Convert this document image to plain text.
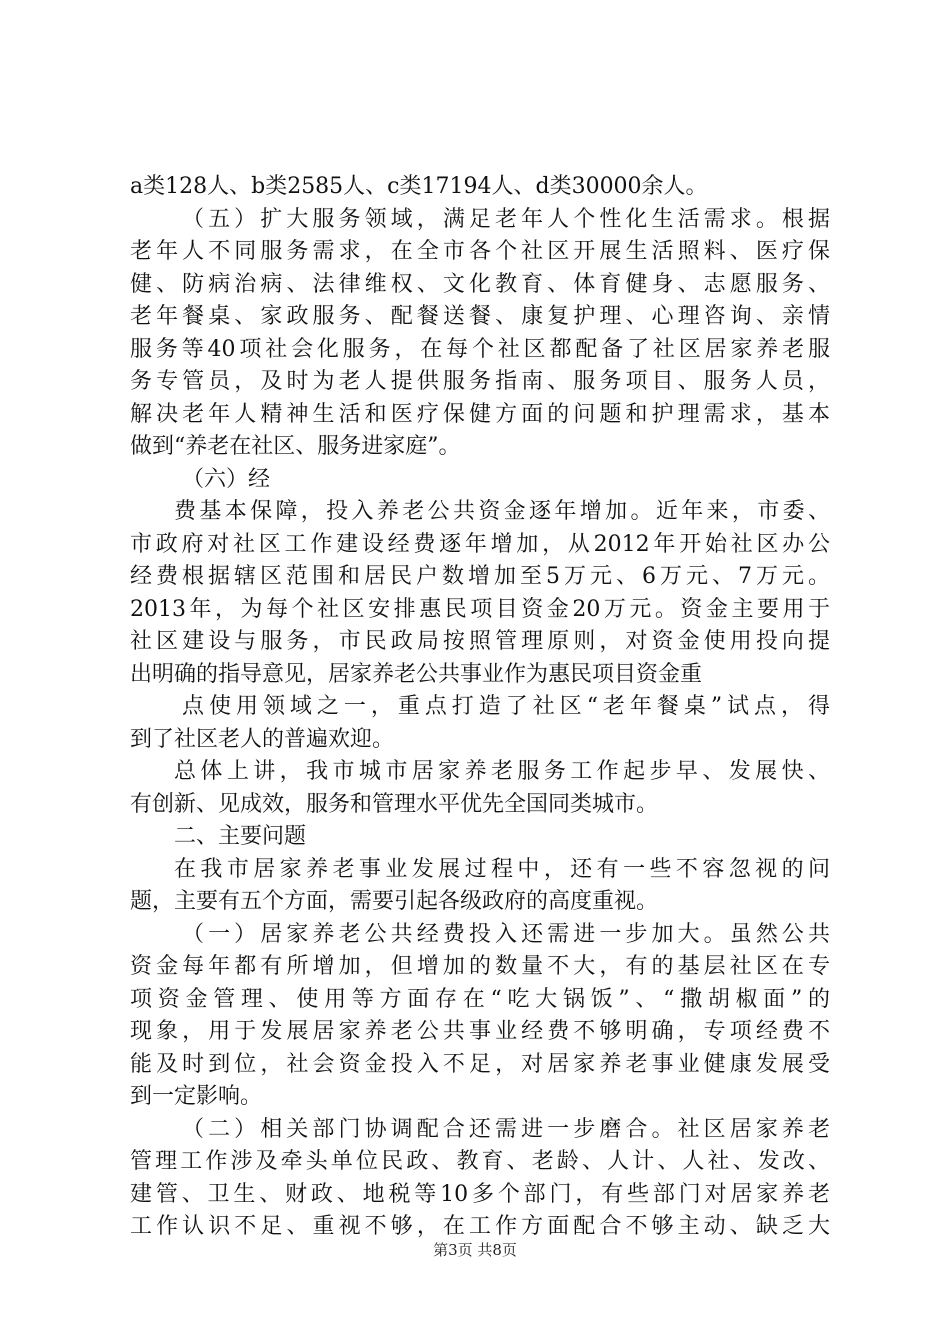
a类128人、b类2585人、c类17194人、d类30000余人。
（五）扩大服务领域，满足老年人个性化生活需求。根据
老年人不同服务需求，在全市各个社区开展生活照料、医疗保
健、防病治病、法律维权、文化教育、体育健身、志愿服务、
老年餐桌、家政服务、配餐送餐、康复护理、心理咨询、亲情
服务等40项社会化服务，在每个社区都配备了社区居家养老服
务专管员，及时为老人提供服务指南、服务项目、服务人员，
解决老年人精神生活和医疗保健方面的问题和护理需求，基本
做到“养老在社区、服务进家庭”。
（六）经
费基本保障，投入养老公共资金逐年增加。近年来，市委、
市政府对社区工作建设经费逐年增加，从2012年开始社区办公
经费根据辖区范围和居民户数增加至5万元、6万元、7万元。
2013年，为每个社区安排惠民项目资金20万元。资金主要用于
社区建设与服务，市民政局按照管理原则，对资金使用投向提
出明确的指导意见，居家养老公共事业作为惠民项目资金重
点使用领域之一，重点打造了社区“老年餐桌”试点，得
到了社区老人的普遍欢迎。
总体上讲，我市城市居家养老服务工作起步早、发展快、
有创新、见成效，服务和管理水平优先全国同类城市。
二、主要问题
在我市居家养老事业发展过程中，还有一些不容忽视的问
题，主要有五个方面，需要引起各级政府的高度重视。
（一）居家养老公共经费投入还需进一步加大。虽然公共
资金每年都有所增加，但增加的数量不大，有的基层社区在专
项资金管理、使用等方面存在“吃大锅饭”、“撒胡椒面”的
现象，用于发展居家养老公共事业经费不够明确，专项经费不
能及时到位，社会资金投入不足，对居家养老事业健康发展受
到一定影响。
（二）相关部门协调配合还需进一步磨合。社区居家养老
管理工作涉及牵头单位民政、教育、老龄、人计、人社、发改、
建管、卫生、财政、地税等10多个部门，有些部门对居家养老
工作认识不足、重视不够，在工作方面配合不够主动、缺乏大
第3页 共8页
